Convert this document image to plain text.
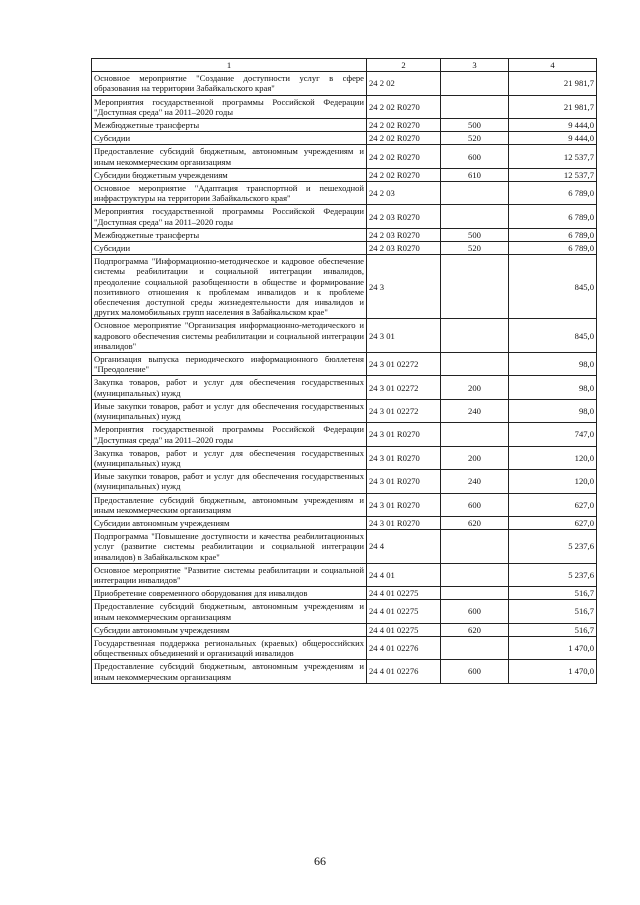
1	2	3	4
Основное мероприятие "Создание доступности услуг в сфере образования на территории Забайкальского края"	24 2 02		21 981,7
Мероприятия государственной программы Российской Федерации "Доступная среда" на 2011–2020 годы	24 2 02 R0270		21 981,7
Межбюджетные трансферты	24 2 02 R0270	500	9 444,0
Субсидии	24 2 02 R0270	520	9 444,0
Предоставление субсидий бюджетным, автономным учреждениям и иным некоммерческим организациям	24 2 02 R0270	600	12 537,7
Субсидии бюджетным учреждениям	24 2 02 R0270	610	12 537,7
Основное мероприятие "Адаптация транспортной и пешеходной инфраструктуры на территории Забайкальского края"	24 2 03		6 789,0
Мероприятия государственной программы Российской Федерации "Доступная среда" на 2011–2020 годы	24 2 03 R0270		6 789,0
Межбюджетные трансферты	24 2 03 R0270	500	6 789,0
Субсидии	24 2 03 R0270	520	6 789,0
Подпрограмма "Информационно-методическое и кадровое обеспечение системы реабилитации и социальной интеграции инвалидов, преодоление социальной разобщенности в обществе и формирование позитивного отношения к проблемам инвалидов и к проблеме обеспечения доступной среды жизнедеятельности для инвалидов и других маломобильных групп населения в Забайкальском крае"	24 3		845,0
Основное мероприятие "Организация информационно-методического и кадрового обеспечения системы реабилитации и социальной интеграции инвалидов"	24 3 01		845,0
Организация выпуска периодического информационного бюллетеня "Преодоление"	24 3 01 02272		98,0
Закупка товаров, работ и услуг для обеспечения государственных (муниципальных) нужд	24 3 01 02272	200	98,0
Иные закупки товаров, работ и услуг для обеспечения государственных (муниципальных) нужд	24 3 01 02272	240	98,0
Мероприятия государственной программы Российской Федерации "Доступная среда" на 2011–2020 годы	24 3 01 R0270		747,0
Закупка товаров, работ и услуг для обеспечения государственных (муниципальных) нужд	24 3 01 R0270	200	120,0
Иные закупки товаров, работ и услуг для обеспечения государственных (муниципальных) нужд	24 3 01 R0270	240	120,0
Предоставление субсидий бюджетным, автономным учреждениям и иным некоммерческим организациям	24 3 01 R0270	600	627,0
Субсидии автономным учреждениям	24 3 01 R0270	620	627,0
Подпрограмма "Повышение доступности и качества реабилитационных услуг (развитие системы реабилитации и социальной интеграции инвалидов) в Забайкальском крае"	24 4		5 237,6
Основное мероприятие "Развитие системы реабилитации и социальной интеграции инвалидов"	24 4 01		5 237,6
Приобретение современного оборудования для инвалидов	24 4 01 02275		516,7
Предоставление субсидий бюджетным, автономным учреждениям и иным некоммерческим организациям	24 4 01 02275	600	516,7
Субсидии автономным учреждениям	24 4 01 02275	620	516,7
Государственная поддержка региональных (краевых) общероссийских общественных объединений и организаций инвалидов	24 4 01 02276		1 470,0
Предоставление субсидий бюджетным, автономным учреждениям и иным некоммерческим организациям	24 4 01 02276	600	1 470,0
66
